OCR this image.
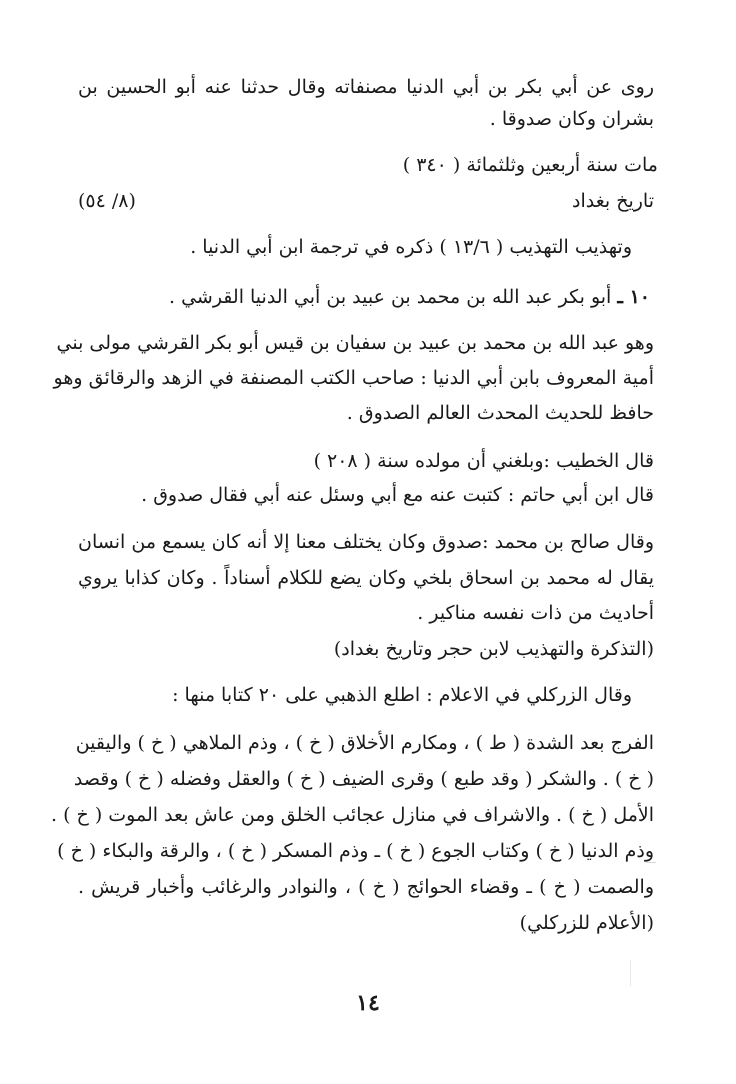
روى عن أبي بكر بن أبي الدنيا مصنفاته وقال حدثنا عنه أبو الحسين بن
بشران وكان صدوقا .
مات سنة أربعين وثلثمائة ( ٣٤٠ )
تاريخ بغداد
(٨/ ٥٤)
وتهذيب التهذيب ( ١٣/٦ ) ذكره في ترجمة ابن أبي الدنيا .
١٠ ـ أبو بكر عبد الله بن محمد بن عبيد بن أبي الدنيا القرشي .
وهو عبد الله بن محمد بن عبيد بن سفيان بن قيس أبو بكر القرشي مولى بني
أمية المعروف بابن أبي الدنيا : صاحب الكتب المصنفة في الزهد والرقائق وهو
حافظ للحديث المحدث العالم الصدوق .
قال الخطيب :وبلغني أن مولده سنة ( ٢٠٨ )
قال ابن أبي حاتم : كتبت عنه مع أبي وسئل عنه أبي فقال صدوق .
وقال صالح بن محمد :صدوق وكان يختلف معنا إلا أنه كان يسمع من انسان
يقال له محمد بن اسحاق بلخي وكان يضع للكلام أسناداً . وكان كذابا يروي
أحاديث من ذات نفسه مناكير .
(التذكرة والتهذيب لابن حجر وتاريخ بغداد)
وقال الزركلي في الاعلام : اطلع الذهبي على ٢٠ كتابا منها :
الفرج بعد الشدة ( ط ) ، ومكارم الأخلاق ( خ ) ، وذم الملاهي ( خ ) واليقين
( خ ) . والشكر ( وقد طبع ) وقرى الضيف ( خ ) والعقل وفضله ( خ ) وقصد
الأمل ( خ ) . والاشراف في منازل عجائب الخلق ومن عاش بعد الموت ( خ ) .
وذم الدنيا ( خ ) وكتاب الجوع ( خ ) ـ وذم المسكر ( خ ) ، والرقة والبكاء ( خ )
والصمت ( خ ) ـ وقضاء الحوائج ( خ ) ، والنوادر والرغائب وأخبار قريش .
(الأعلام للزركلي)
١٤
